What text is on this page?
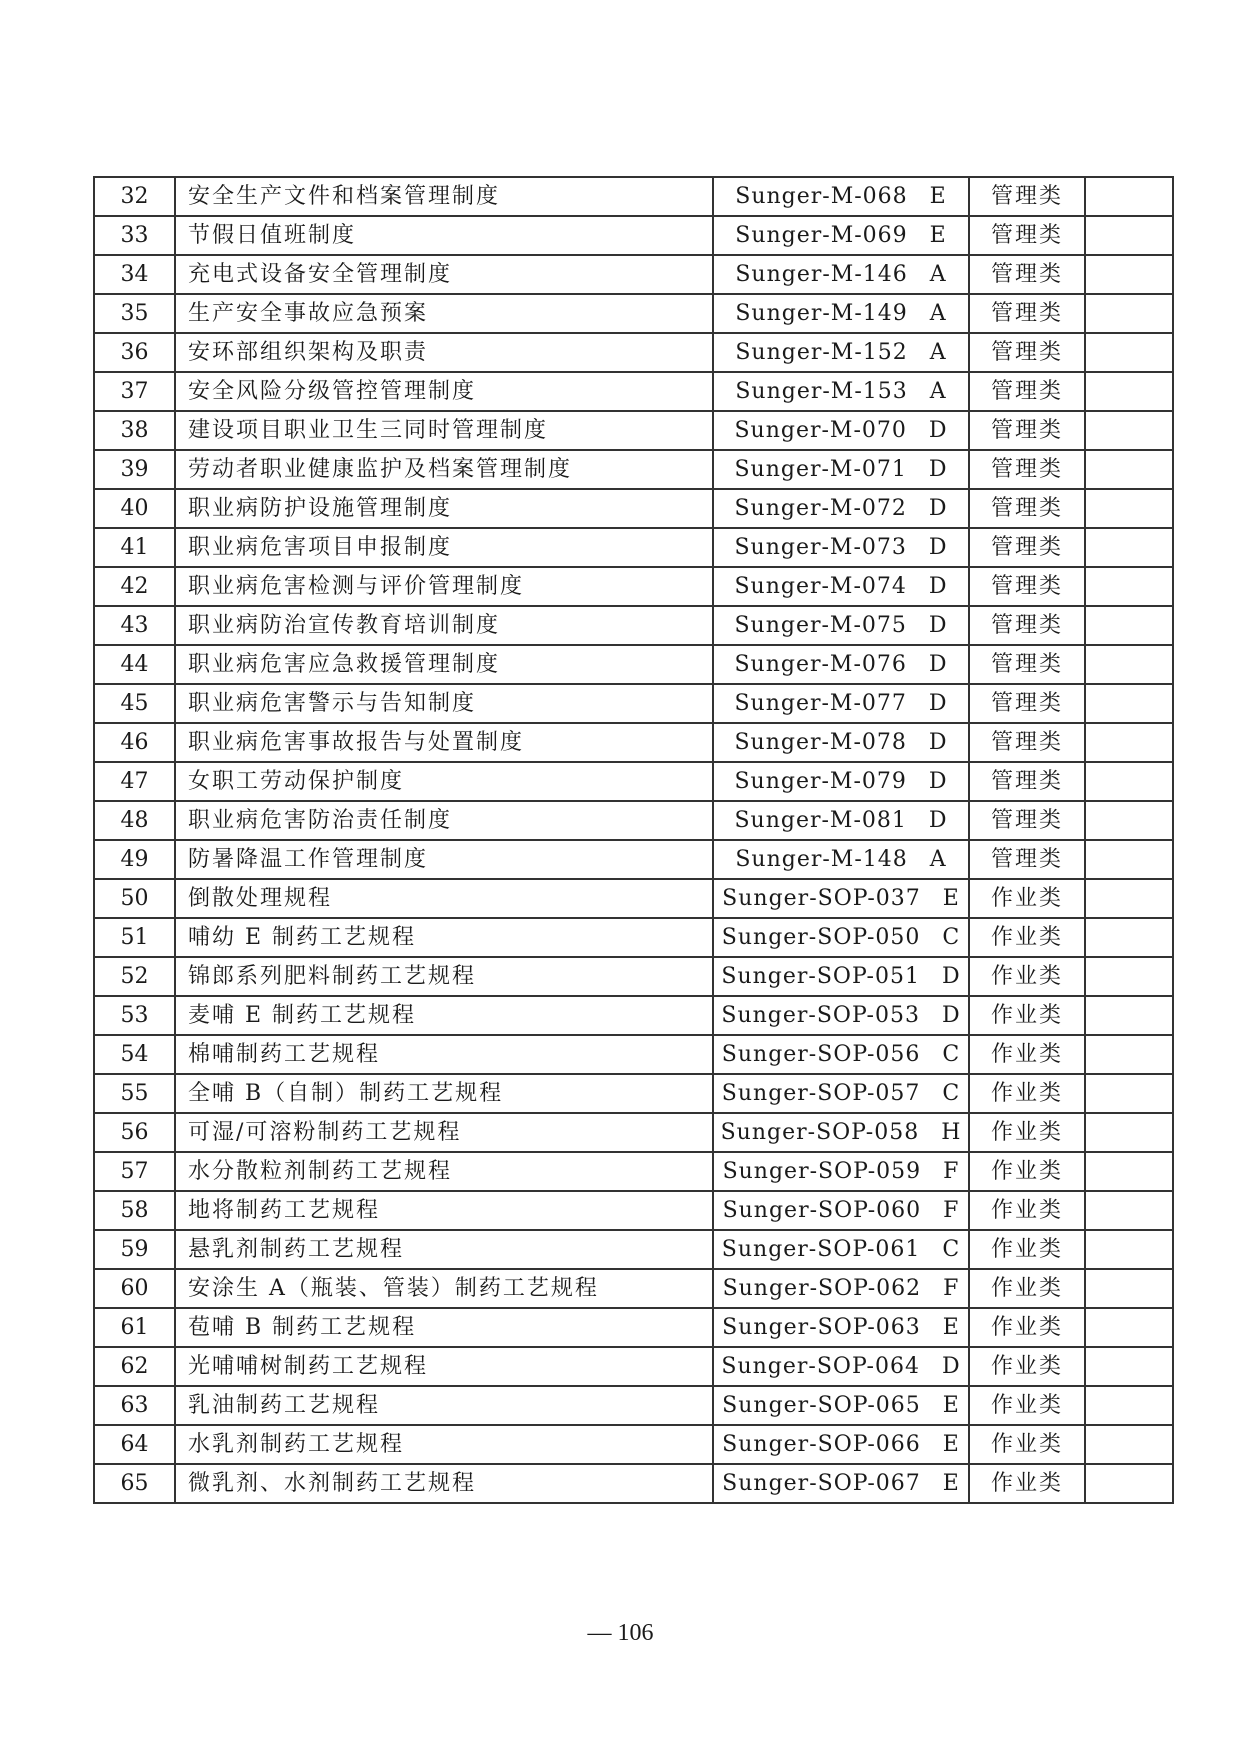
32	安全生产文件和档案管理制度	Sunger-M-068 E	管理类	
33	节假日值班制度	Sunger-M-069 E	管理类	
34	充电式设备安全管理制度	Sunger-M-146 A	管理类	
35	生产安全事故应急预案	Sunger-M-149 A	管理类	
36	安环部组织架构及职责	Sunger-M-152 A	管理类	
37	安全风险分级管控管理制度	Sunger-M-153 A	管理类	
38	建设项目职业卫生三同时管理制度	Sunger-M-070 D	管理类	
39	劳动者职业健康监护及档案管理制度	Sunger-M-071 D	管理类	
40	职业病防护设施管理制度	Sunger-M-072 D	管理类	
41	职业病危害项目申报制度	Sunger-M-073 D	管理类	
42	职业病危害检测与评价管理制度	Sunger-M-074 D	管理类	
43	职业病防治宣传教育培训制度	Sunger-M-075 D	管理类	
44	职业病危害应急救援管理制度	Sunger-M-076 D	管理类	
45	职业病危害警示与告知制度	Sunger-M-077 D	管理类	
46	职业病危害事故报告与处置制度	Sunger-M-078 D	管理类	
47	女职工劳动保护制度	Sunger-M-079 D	管理类	
48	职业病危害防治责任制度	Sunger-M-081 D	管理类	
49	防暑降温工作管理制度	Sunger-M-148 A	管理类	
50	倒散处理规程	Sunger-SOP-037 E	作业类	
51	哺幼 E 制药工艺规程	Sunger-SOP-050 C	作业类	
52	锦郎系列肥料制药工艺规程	Sunger-SOP-051 D	作业类	
53	麦哺 E 制药工艺规程	Sunger-SOP-053 D	作业类	
54	棉哺制药工艺规程	Sunger-SOP-056 C	作业类	
55	全哺 B（自制）制药工艺规程	Sunger-SOP-057 C	作业类	
56	可湿/可溶粉制药工艺规程	Sunger-SOP-058 H	作业类	
57	水分散粒剂制药工艺规程	Sunger-SOP-059 F	作业类	
58	地将制药工艺规程	Sunger-SOP-060 F	作业类	
59	悬乳剂制药工艺规程	Sunger-SOP-061 C	作业类	
60	安涂生 A（瓶装、管装）制药工艺规程	Sunger-SOP-062 F	作业类	
61	苞哺 B 制药工艺规程	Sunger-SOP-063 E	作业类	
62	光哺哺树制药工艺规程	Sunger-SOP-064 D	作业类	
63	乳油制药工艺规程	Sunger-SOP-065 E	作业类	
64	水乳剂制药工艺规程	Sunger-SOP-066 E	作业类	
65	微乳剂、水剂制药工艺规程	Sunger-SOP-067 E	作业类	
— 106
